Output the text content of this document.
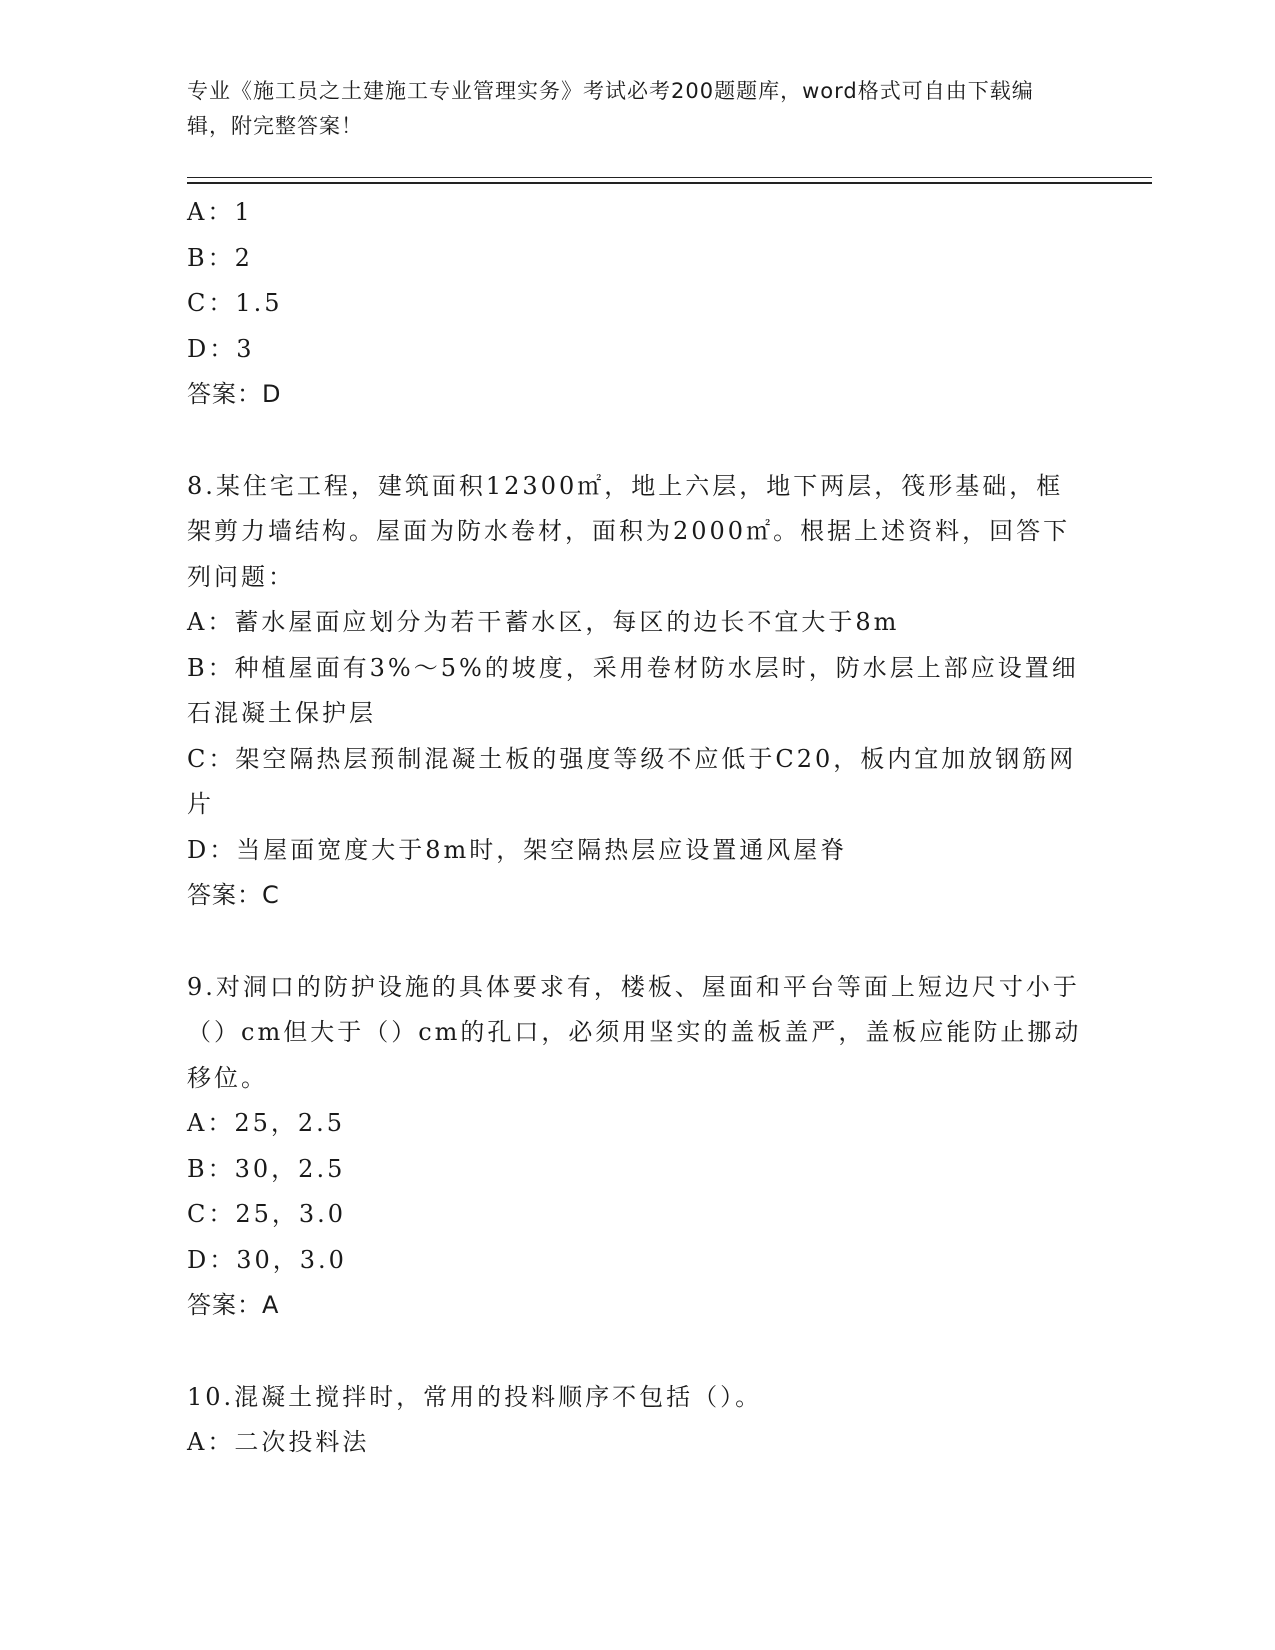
专业《施工员之土建施工专业管理实务》考试必考200题题库，word格式可自由下载编辑，附完整答案！
A：1
B：2
C：1.5
D：3
答案：D
8.某住宅工程，建筑面积12300㎡，地上六层，地下两层，筏形基础，框架剪力墙结构。屋面为防水卷材，面积为2000㎡。根据上述资料，回答下列问题：
A：蓄水屋面应划分为若干蓄水区，每区的边长不宜大于8m
B：种植屋面有3%～5%的坡度，采用卷材防水层时，防水层上部应设置细石混凝土保护层
C：架空隔热层预制混凝土板的强度等级不应低于C20，板内宜加放钢筋网片
D：当屋面宽度大于8m时，架空隔热层应设置通风屋脊
答案：C
9.对洞口的防护设施的具体要求有，楼板、屋面和平台等面上短边尺寸小于（）cm但大于（）cm的孔口，必须用坚实的盖板盖严，盖板应能防止挪动移位。
A：25，2.5
B：30，2.5
C：25，3.0
D：30，3.0
答案：A
10.混凝土搅拌时，常用的投料顺序不包括（）。
A：二次投料法
